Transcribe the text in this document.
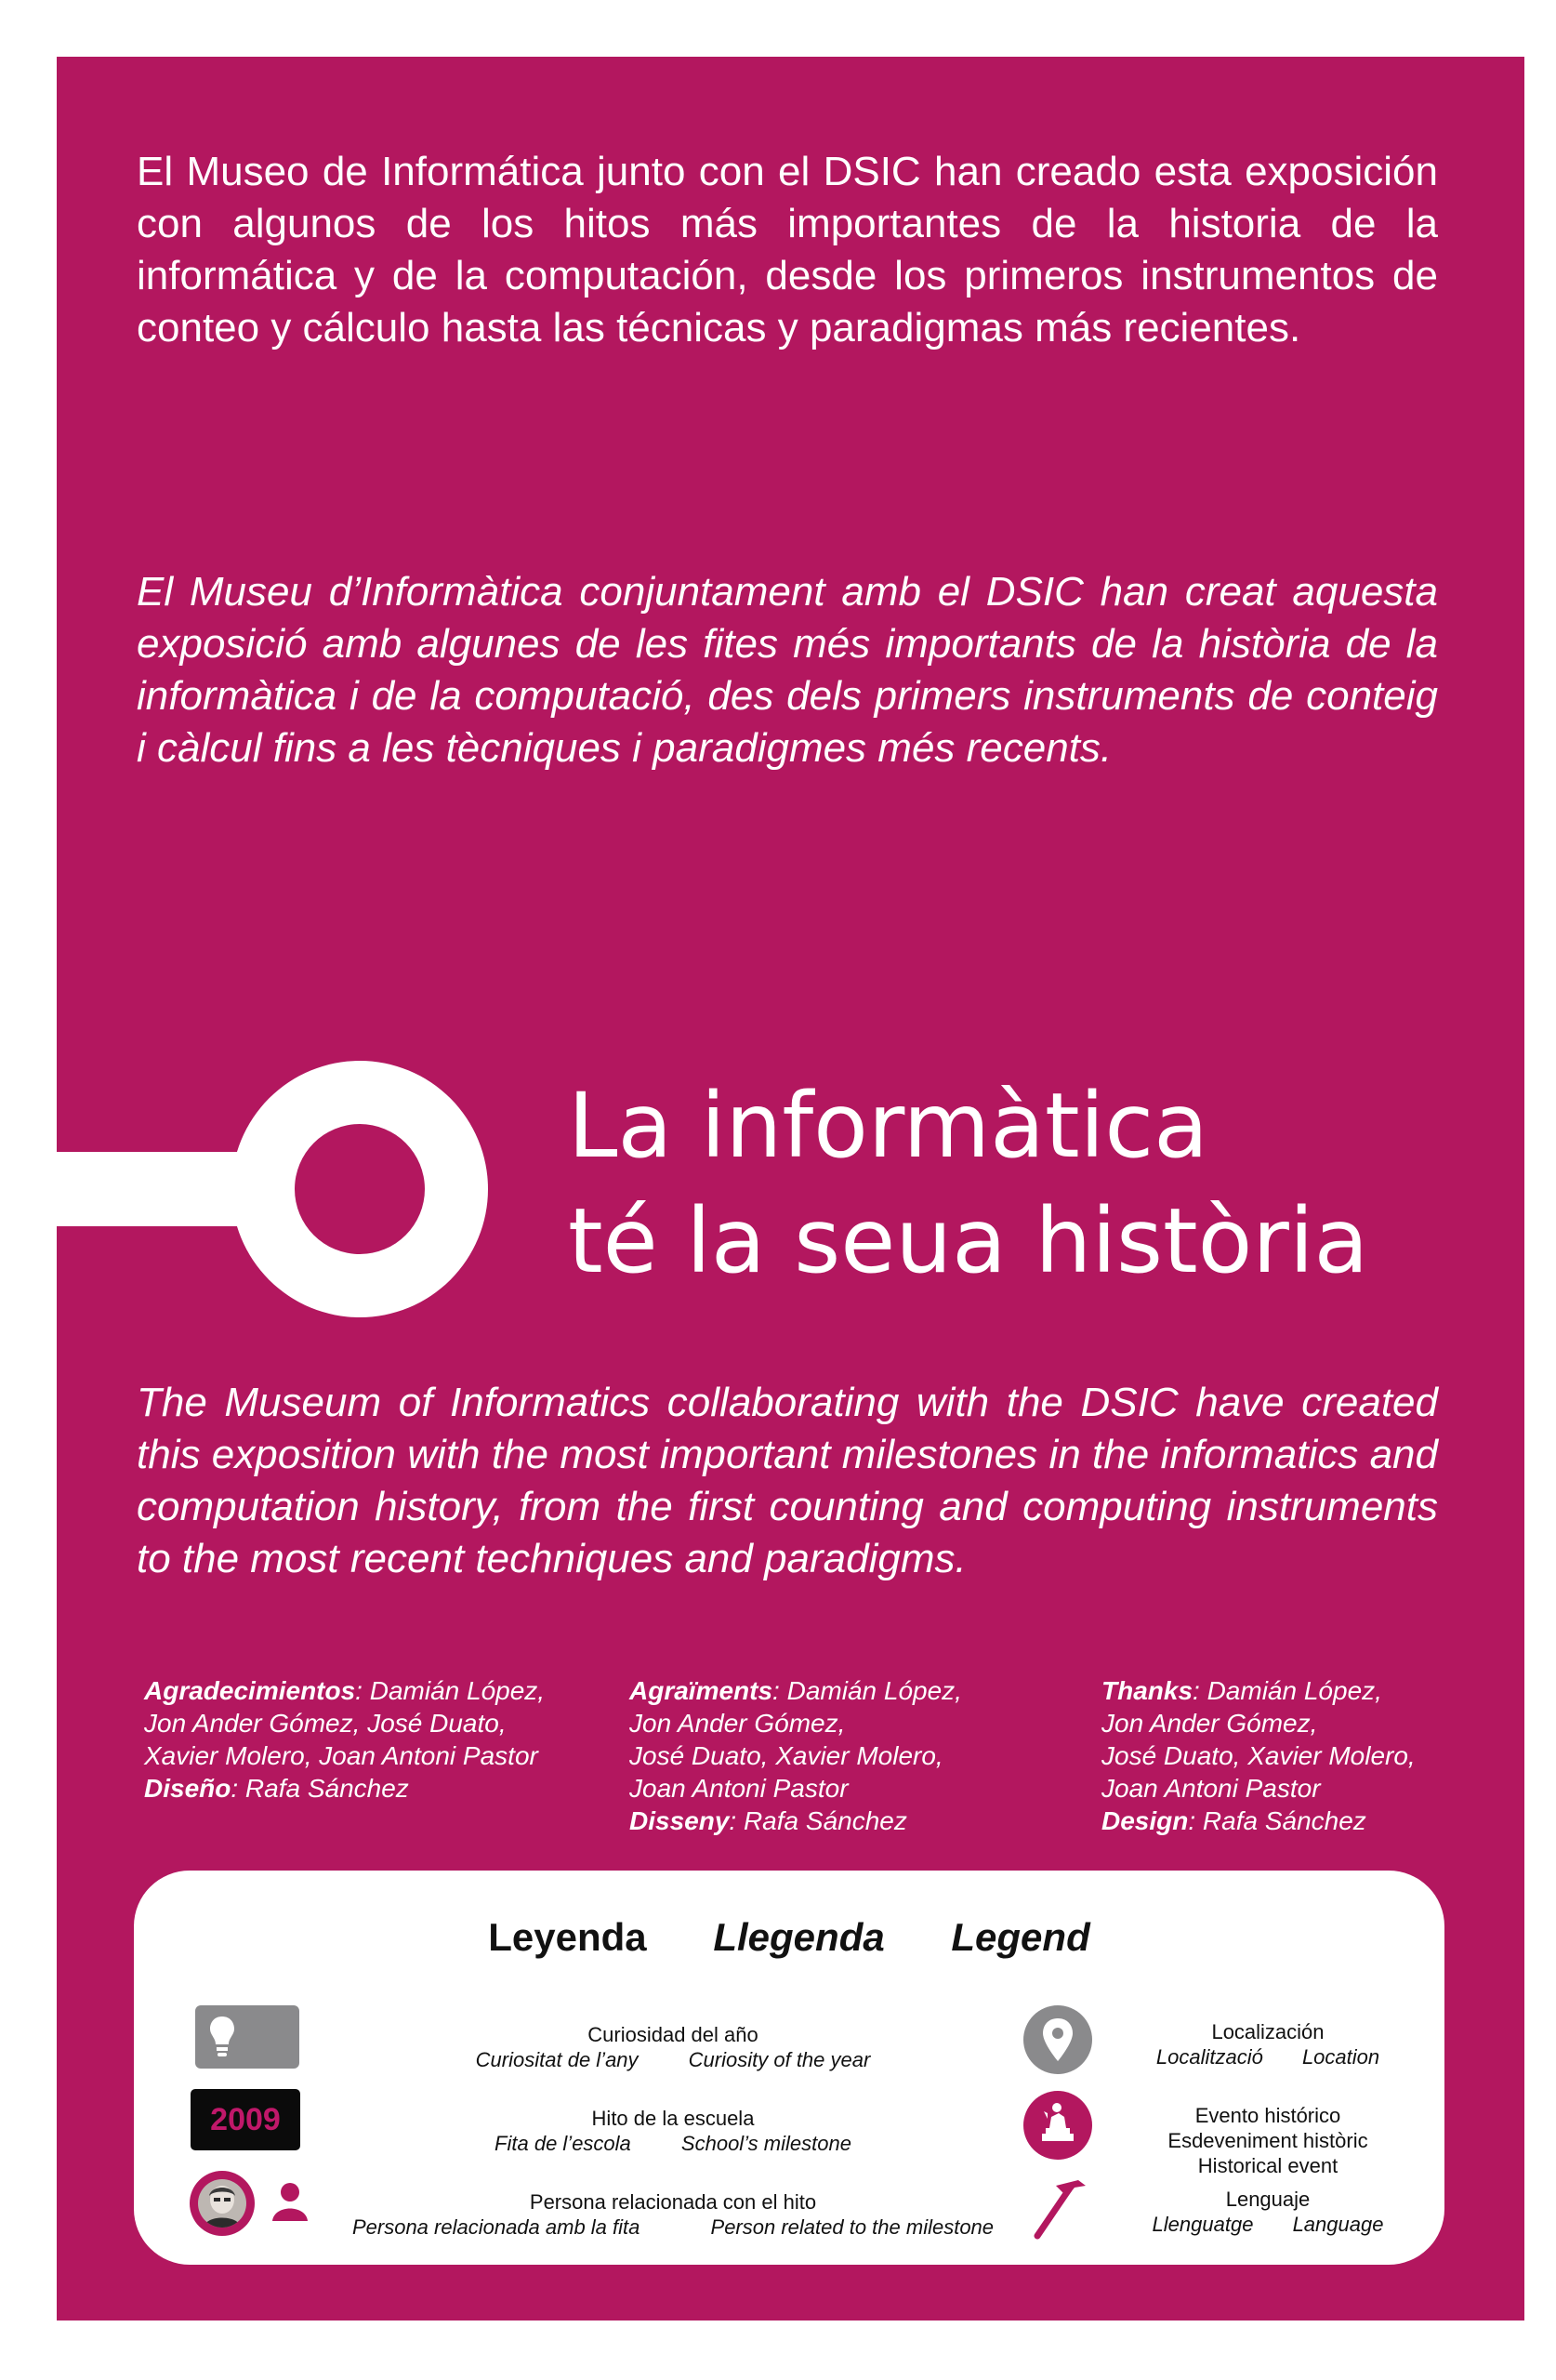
El Museo de Informática junto con el DSIC han creado esta exposición con algunos de los hitos más importantes de la historia de la informática y de la computación, desde los primeros instrumentos de conteo y cálculo hasta las técnicas y paradigmas más recientes.

El Museu d’Informàtica conjuntament amb el DSIC han creat aquesta exposició amb algunes de les fites més importants de la història de la informàtica i de la computació, des dels primers instruments de conteig i càlcul fins a les tècniques i paradigmes més recents.

La informàtica
té la seua història

The Museum of Informatics collaborating with the DSIC have created this exposition with the most important milestones in the informatics and computation history, from the first counting and computing instruments to the most recent techniques and paradigms.

Agradecimientos: Damián López,
Jon Ander Gómez, José Duato,
Xavier Molero, Joan Antoni Pastor
Diseño: Rafa Sánchez
Agraïments: Damián López,
Jon Ander Gómez,
José Duato, Xavier Molero,
Joan Antoni Pastor
Disseny: Rafa Sánchez
Thanks: Damián López,
Jon Ander Gómez,
José Duato, Xavier Molero,
Joan Antoni Pastor
Design: Rafa Sánchez
Leyenda Llegenda Legend
Curiosidad del año
Curiositat de l’any Curiosity of the year
2009	Hito de la escuela
Fita de l’escola School’s milestone
Persona relacionada con el hito
Persona relacionada amb la fita	Person related to the milestone
Localización
Localització Location
Evento histórico
Esdeveniment històric
Historical event
Lenguaje
Llenguatge Language
